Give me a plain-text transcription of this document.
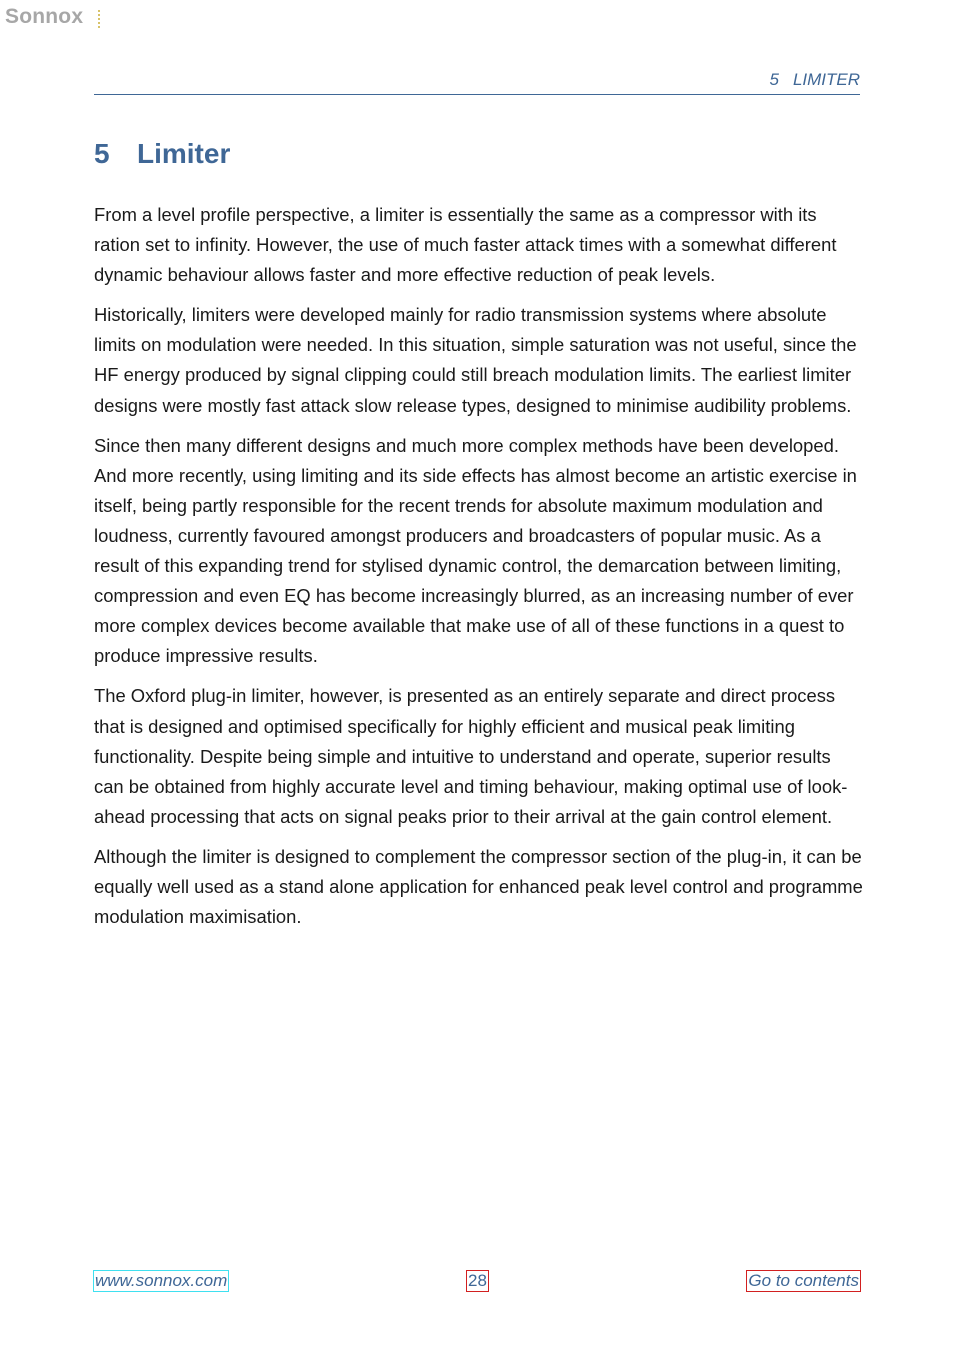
Sonnox
5 LIMITER
5 Limiter

From a level profile perspective, a limiter is essentially the same as a compressor with its ration set to infinity. However, the use of much faster attack times with a somewhat different dynamic behaviour allows faster and more effective reduction of peak levels.

Historically, limiters were developed mainly for radio transmission systems where absolute limits on modulation were needed. In this situation, simple saturation was not useful, since the HF energy produced by signal clipping could still breach modulation limits. The earliest limiter designs were mostly fast attack slow release types, designed to minimise audibility problems.

Since then many different designs and much more complex methods have been developed. And more recently, using limiting and its side effects has almost become an artistic exercise in itself, being partly responsible for the recent trends for absolute maximum modulation and loudness, currently favoured amongst producers and broadcasters of popular music. As a result of this expanding trend for stylised dynamic control, the demarcation between limiting, compression and even EQ has become increasingly blurred, as an increasing number of ever more complex devices become available that make use of all of these functions in a quest to produce impressive results.

The Oxford plug-in limiter, however, is presented as an entirely separate and direct process that is designed and optimised specifically for highly efficient and musical peak limiting functionality. Despite being simple and intuitive to understand and operate, superior results can be obtained from highly accurate level and timing behaviour, making optimal use of look-ahead processing that acts on signal peaks prior to their arrival at the gain control element.

Although the limiter is designed to complement the compressor section of the plug-in, it can be equally well used as a stand alone application for enhanced peak level control and programme modulation maximisation.

www.sonnox.com	28	Go to contents
